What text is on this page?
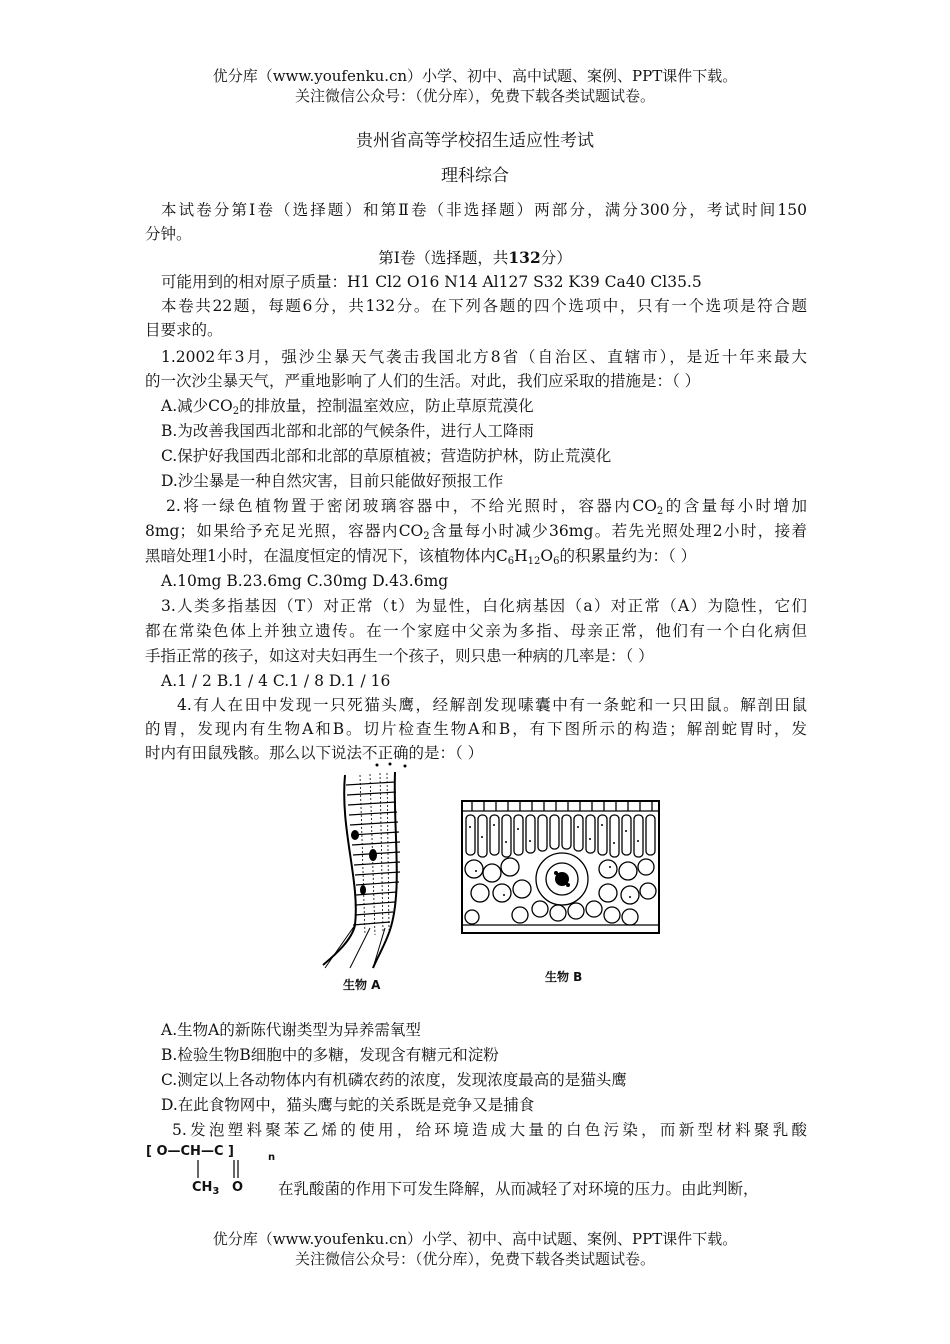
优分库（www.youfenku.cn）小学、初中、高中试题、案例、PPT课件下载。
关注微信公众号：（优分库），免费下载各类试题试卷。
贵州省高等学校招生适应性考试
理科综合
本试卷分第Ⅰ卷（选择题）和第Ⅱ卷（非选择题）两部分，满分300分，考试时间150
分钟。
第Ⅰ卷（选择题，共132分）
可能用到的相对原子质量：H1 Cl2 O16 N14 Al127 S32 K39 Ca40 Cl35.5
本卷共22题，每题6分，共132分。在下列各题的四个选项中，只有一个选项是符合题
目要求的。
1.2002年3月，强沙尘暴天气袭击我国北方8省（自治区、直辖市），是近十年来最大
的一次沙尘暴天气，严重地影响了人们的生活。对此，我们应采取的措施是：（ ）
A.减少$CO_2$的排放量，控制温室效应，防止草原荒漠化
B.为改善我国西北部和北部的气候条件，进行人工降雨
C.保护好我国西北部和北部的草原植被；营造防护林，防止荒漠化
D.沙尘暴是一种自然灾害，目前只能做好预报工作
2.将一绿色植物置于密闭玻璃容器中，不给光照时，容器内$CO_2$的含量每小时增加
8mg；如果给予充足光照，容器内$CO_2$含量每小时减少36mg。若先光照处理2小时，接着
黑暗处理1小时，在温度恒定的情况下，该植物体内$C_6H_{12}O_6$的积累量约为：（ ）
A.10mg B.23.6mg C.30mg D.43.6mg
3.人类多指基因（T）对正常（t）为显性，白化病基因（a）对正常（A）为隐性，它们
都在常染色体上并独立遗传。在一个家庭中父亲为多指、母亲正常，他们有一个白化病但
手指正常的孩子，如这对夫妇再生一个孩子，则只患一种病的几率是：（ ）
A.1 / 2 B.1 / 4 C.1 / 8 D.1 / 16
4.有人在田中发现一只死猫头鹰，经解剖发现嗉囊中有一条蛇和一只田鼠。解剖田鼠
的胃，发现内有生物A和B。切片检查生物A和B，有下图所示的构造；解剖蛇胃时，发
时内有田鼠残骸。那么以下说法不正确的是：（ ）
生物 A
生物 B
A.生物A的新陈代谢类型为异养需氧型
B.检验生物B细胞中的多糖，发现含有糖元和淀粉
C.测定以上各动物体内有机磷农药的浓度，发现浓度最高的是猫头鹰
D.在此食物网中，猫头鹰与蛇的关系既是竞争又是捕食
5.发泡塑料聚苯乙烯的使用，给环境造成大量的白色污染，而新型材料聚乳酸
[ O—CH—C ]	n
$CH_3$ O 在乳酸菌的作用下可发生降解，从而减轻了对环境的压力。由此判断，
优分库（www.youfenku.cn）小学、初中、高中试题、案例、PPT课件下载。
关注微信公众号：（优分库），免费下载各类试题试卷。
